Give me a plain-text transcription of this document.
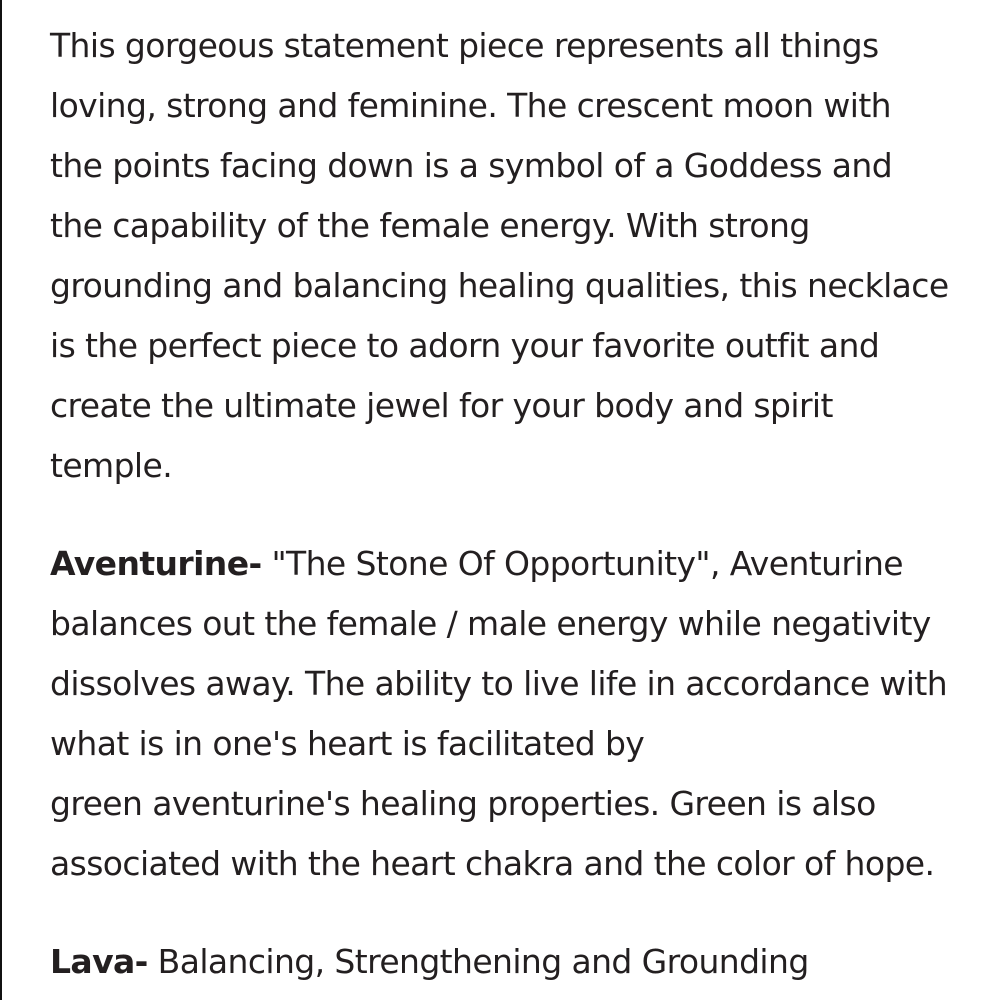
This gorgeous statement piece represents all things
loving, strong and feminine. The crescent moon with
the points facing down is a symbol of a Goddess and
the capability of the female energy. With strong
grounding and balancing healing qualities, this necklace
is the perfect piece to adorn your favorite outfit and
create the ultimate jewel for your body and spirit
temple.
Aventurine- "The Stone Of Opportunity", Aventurine
balances out the female / male energy while negativity
dissolves away. The ability to live life in accordance with
what is in one's heart is facilitated by
green aventurine's healing properties. Green is also
associated with the heart chakra and the color of hope.
Lava- Balancing, Strengthening and Grounding
